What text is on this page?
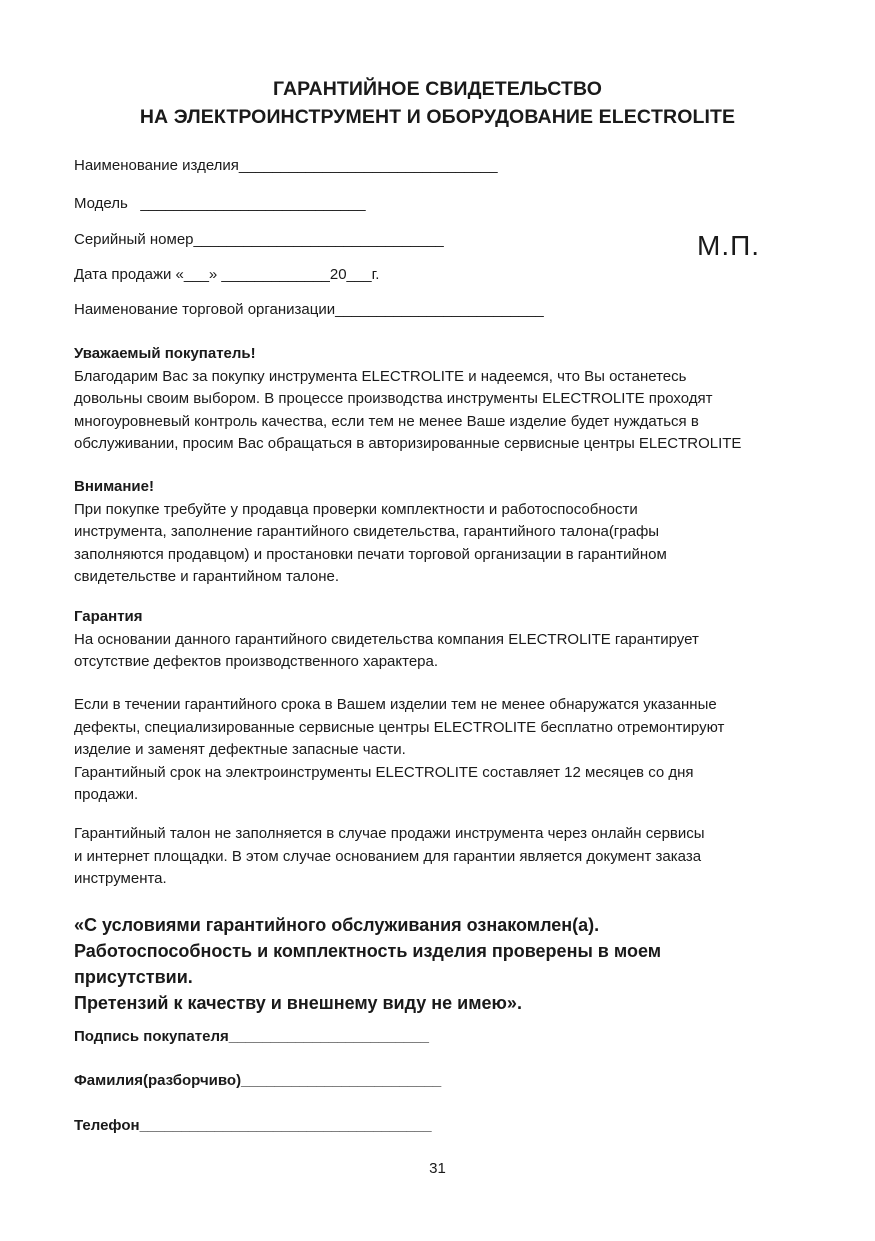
ГАРАНТИЙНОЕ СВИДЕТЕЛЬСТВО
НА ЭЛЕКТРОИНСТРУМЕНТ И ОБОРУДОВАНИЕ ELECTROLITE
Наименование изделия_______________________________
Модель   ___________________________
Серийный номер______________________________
Дата продажи «___» _____________20___г.
Наименование торговой организации_________________________
М.П.
Уважаемый покупатель!
Благодарим Вас за покупку инструмента ELECTROLITE и надеемся, что Вы останетесь
довольны своим выбором. В процессе производства инструменты ELECTROLITE проходят
многоуровневый контроль качества, если тем не менее Ваше изделие будет нуждаться в
обслуживании, просим Вас обращаться в авторизированные сервисные центры ELECTROLITE
Внимание!
При покупке требуйте у продавца проверки комплектности и работоспособности
инструмента, заполнение гарантийного свидетельства, гарантийного талона(графы
заполняются продавцом) и простановки печати торговой организации в гарантийном
свидетельстве и гарантийном талоне.
Гарантия
На основании данного гарантийного свидетельства компания ELECTROLITE гарантирует
отсутствие дефектов производственного характера.
Если в течении гарантийного срока в Вашем изделии тем не менее обнаружатся указанные
дефекты, специализированные сервисные центры ELECTROLITE бесплатно отремонтируют
изделие и заменят дефектные запасные части.
Гарантийный срок на электроинструменты ELECTROLITE составляет 12 месяцев со дня
продажи.
Гарантийный талон не заполняется в случае продажи инструмента через онлайн сервисы
и интернет площадки. В этом случае основанием для гарантии является документ заказа
инструмента.
«С условиями гарантийного обслуживания ознакомлен(а).
Работоспособность и комплектность изделия проверены в моем
присутствии.
Претензий к качеству и внешнему виду не имею».
Подпись покупателя________________________
Фамилия(разборчиво)________________________
Телефон___________________________________
31
